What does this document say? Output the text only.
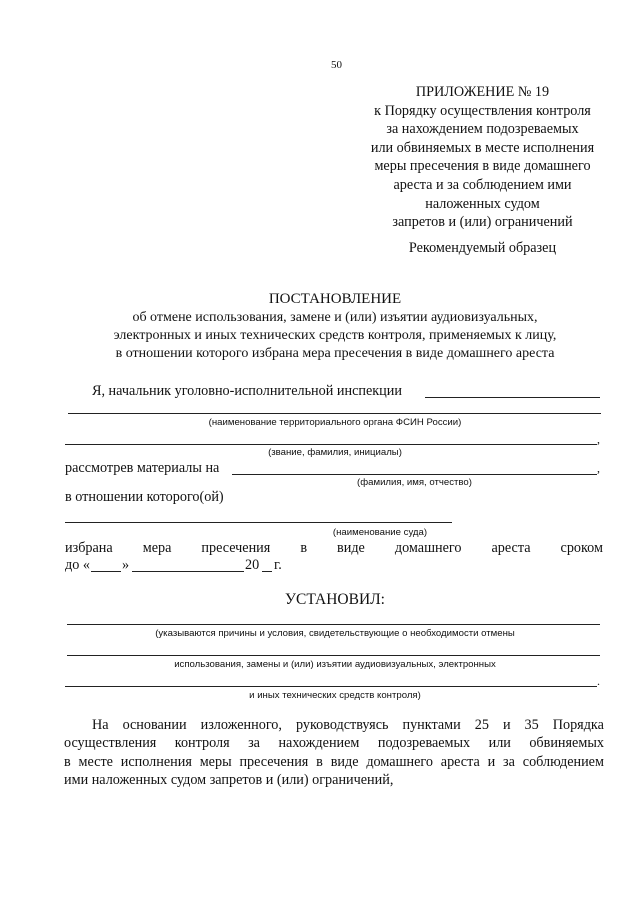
50
ПРИЛОЖЕНИЕ № 19
к Порядку осуществления контроля
за нахождением подозреваемых
или обвиняемых в месте исполнения
меры пресечения в виде домашнего
ареста и за соблюдением ими
наложенных судом
запретов и (или) ограничений
Рекомендуемый образец
ПОСТАНОВЛЕНИЕ
об отмене использования, замене и (или) изъятии аудиовизуальных,
электронных и иных технических средств контроля, применяемых к лицу,
в отношении которого избрана мера пресечения в виде домашнего ареста
Я, начальник уголовно-исполнительной инспекции
(наименование территориального органа ФСИН России)
,
(звание, фамилия, инициалы)
рассмотрев материалы на	,
(фамилия, имя, отчество)
в отношении которого(ой)
(наименование суда)
избрана мера пресечения в виде домашнего ареста сроком
до « »	20 г.
УСТАНОВИЛ:
(указываются причины и условия, свидетельствующие о необходимости отмены
использования, замены и (или) изъятии аудиовизуальных, электронных
.
и иных технических средств контроля)
На основании изложенного, руководствуясь пунктами 25 и 35 Порядка
осуществления контроля за нахождением подозреваемых или обвиняемых
в месте исполнения меры пресечения в виде домашнего ареста и за соблюдением
ими наложенных судом запретов и (или) ограничений,
